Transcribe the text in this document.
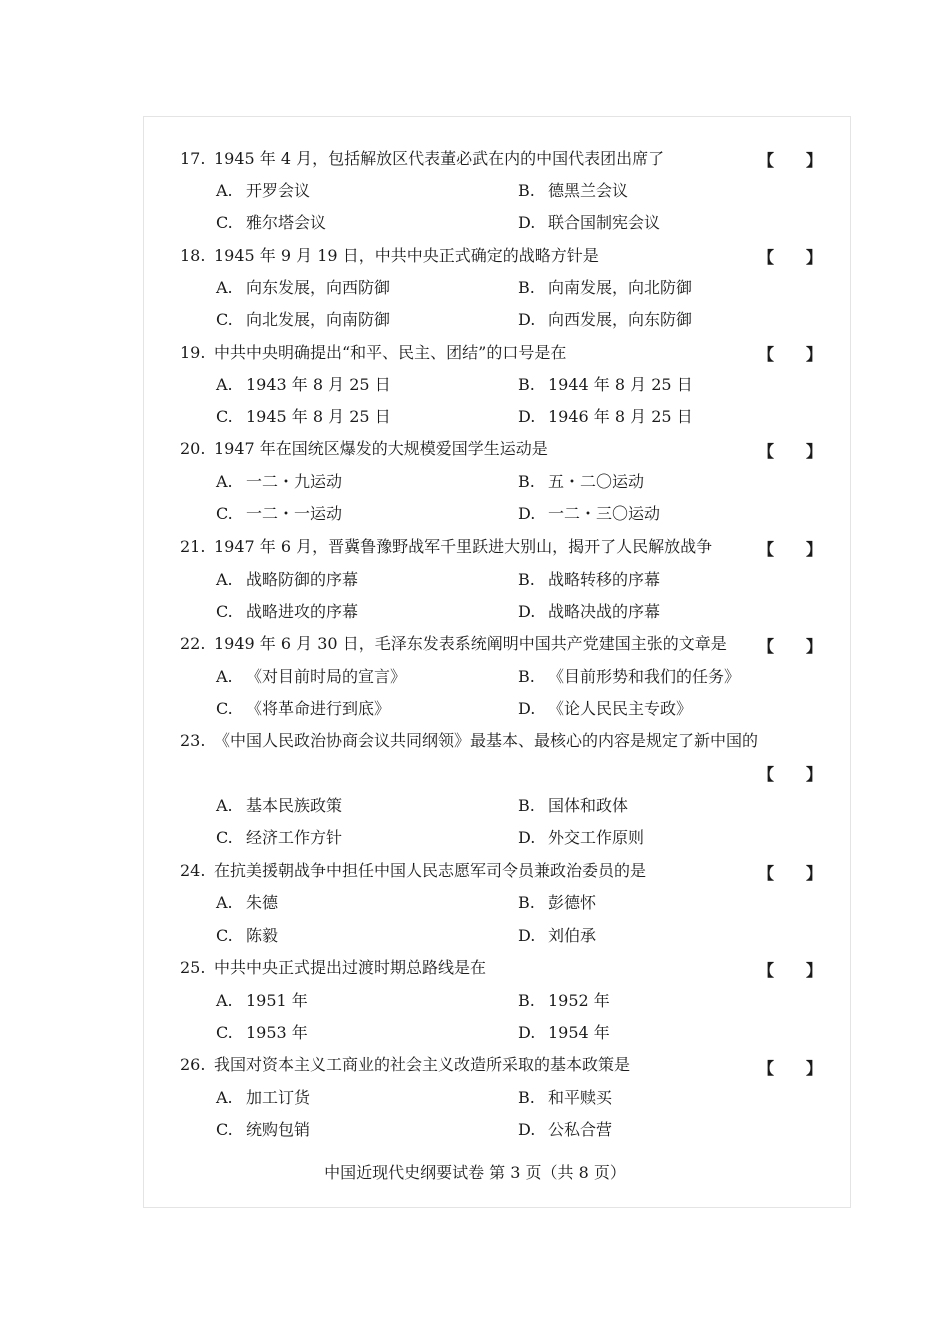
17. 1945 年 4 月，包括解放区代表董必武在内的中国代表团出席了	【 】
A. 开罗会议	B. 德黑兰会议
C. 雅尔塔会议	D. 联合国制宪会议
18. 1945 年 9 月 19 日，中共中央正式确定的战略方针是	【 】
A. 向东发展，向西防御	B. 向南发展，向北防御
C. 向北发展，向南防御	D. 向西发展，向东防御
19. 中共中央明确提出“和平、民主、团结”的口号是在	【 】
A. 1943 年 8 月 25 日	B. 1944 年 8 月 25 日
C. 1945 年 8 月 25 日	D. 1946 年 8 月 25 日
20. 1947 年在国统区爆发的大规模爱国学生运动是	【 】
A. 一二・九运动	B. 五・二〇运动
C. 一二・一运动	D. 一二・三〇运动
21. 1947 年 6 月，晋冀鲁豫野战军千里跃进大别山，揭开了人民解放战争	【 】
A. 战略防御的序幕	B. 战略转移的序幕
C. 战略进攻的序幕	D. 战略决战的序幕
22. 1949 年 6 月 30 日，毛泽东发表系统阐明中国共产党建国主张的文章是	【 】
A. 《对目前时局的宣言》	B. 《目前形势和我们的任务》
C. 《将革命进行到底》	D. 《论人民民主专政》
23. 《中国人民政治协商会议共同纲领》最基本、最核心的内容是规定了新中国的
【 】
A. 基本民族政策	B. 国体和政体
C. 经济工作方针	D. 外交工作原则
24. 在抗美援朝战争中担任中国人民志愿军司令员兼政治委员的是	【 】
A. 朱德	B. 彭德怀
C. 陈毅	D. 刘伯承
25. 中共中央正式提出过渡时期总路线是在	【 】
A. 1951 年	B. 1952 年
C. 1953 年	D. 1954 年
26. 我国对资本主义工商业的社会主义改造所采取的基本政策是	【 】
A. 加工订货	B. 和平赎买
C. 统购包销	D. 公私合营
中国近现代史纲要试卷 第 3 页（共 8 页）
